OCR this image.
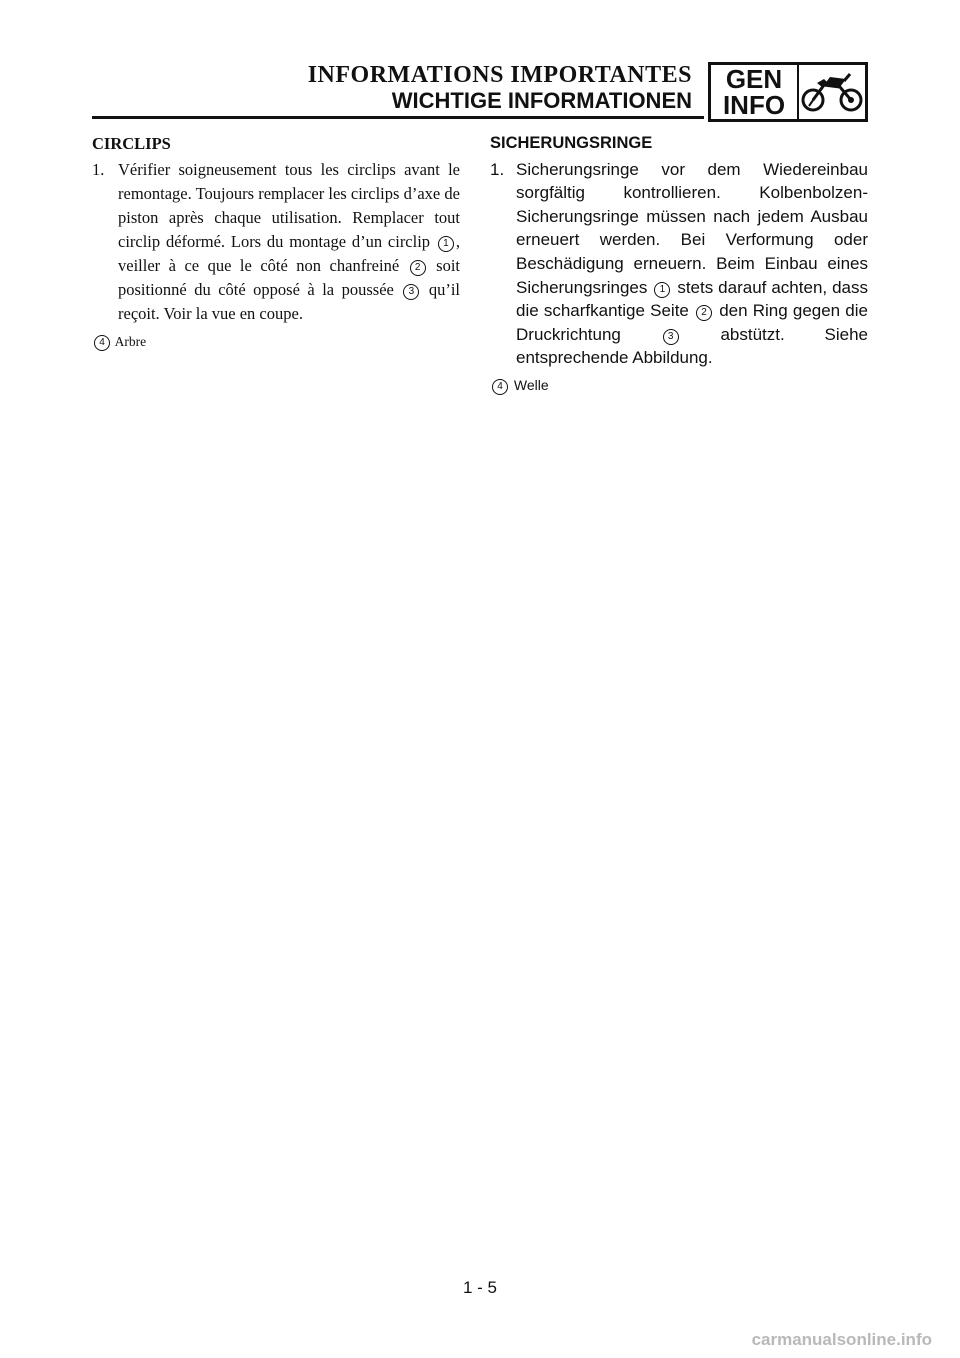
INFORMATIONS IMPORTANTES
WICHTIGE INFORMATIONEN
GEN
INFO
CIRCLIPS
1. Vérifier soigneusement tous les circlips avant le remontage. Toujours remplacer les circlips d’axe de piston après chaque utilisation. Remplacer tout circlip déformé. Lors du montage d’un circlip 1 , veiller à ce que le côté non chanfreiné 2 soit positionné du côté opposé à la poussée 3 qu’il reçoit. Voir la vue en coupe.
4 Arbre
SICHERUNGSRINGE
1. Sicherungsringe vor dem Wiedereinbau sorgfältig kontrollieren. Kolbenbolzen-Sicherungsringe müssen nach jedem Ausbau erneuert werden. Bei Verformung oder Beschädigung erneuern. Beim Einbau eines Sicherungsringes 1 stets darauf achten, dass die scharfkantige Seite 2 den Ring gegen die Druckrichtung	3 abstützt. Siehe entsprechende Abbildung.
4 Welle
1 - 5
carmanualsonline.info
